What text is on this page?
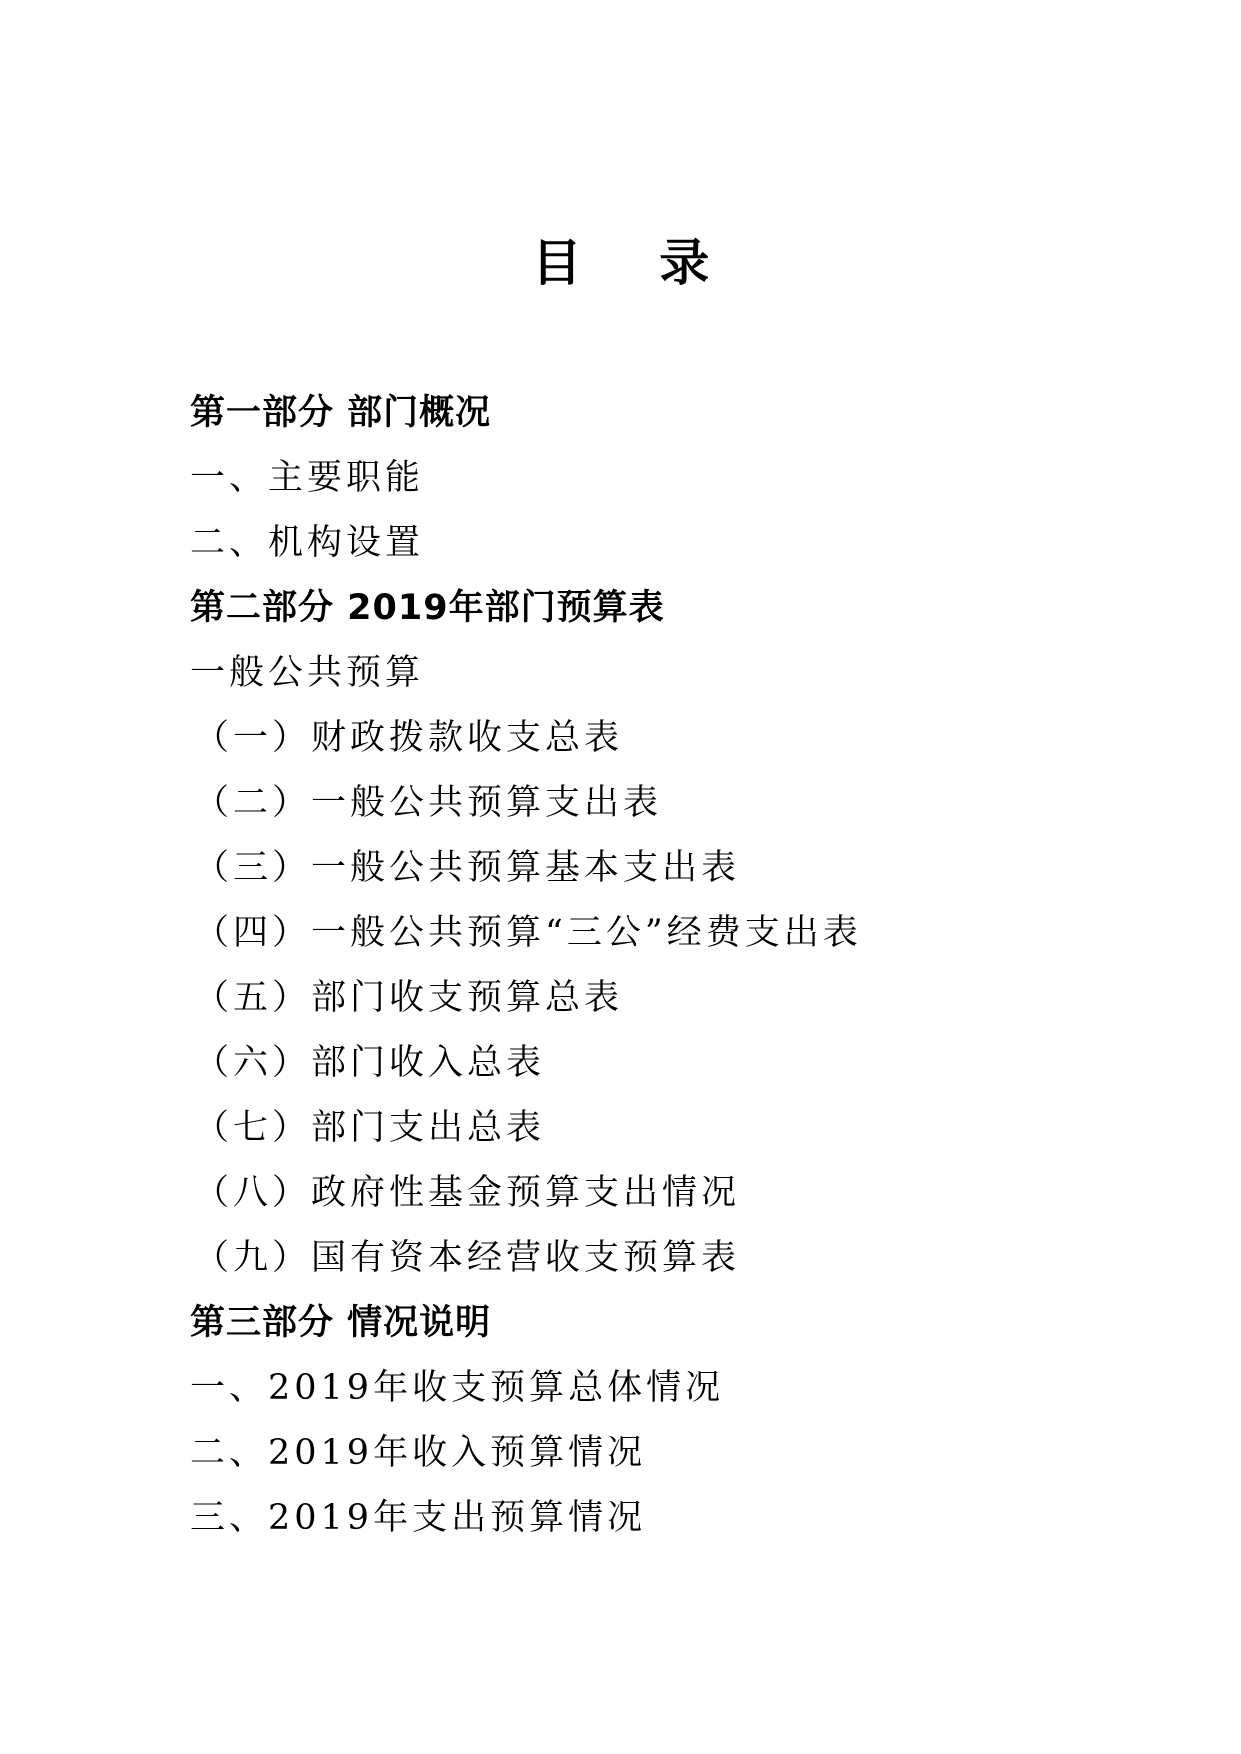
目 录
第一部分 部门概况
一、主要职能
二、机构设置
第二部分 2019年部门预算表
一般公共预算
（一）财政拨款收支总表
（二）一般公共预算支出表
（三）一般公共预算基本支出表
（四）一般公共预算“三公”经费支出表
（五）部门收支预算总表
（六）部门收入总表
（七）部门支出总表
（八）政府性基金预算支出情况
（九）国有资本经营收支预算表
第三部分 情况说明
一、2019年收支预算总体情况
二、2019年收入预算情况
三、2019年支出预算情况
